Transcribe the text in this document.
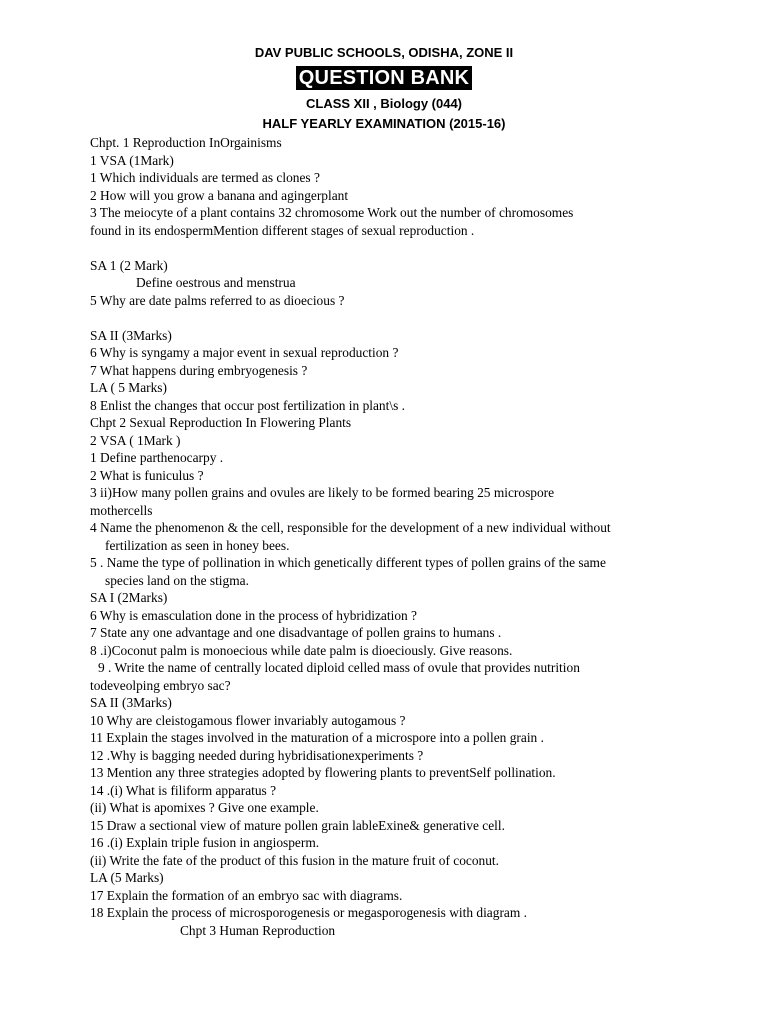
DAV PUBLIC SCHOOLS, ODISHA, ZONE II
QUESTION BANK
CLASS XII , Biology (044)
HALF YEARLY EXAMINATION (2015-16)
Chpt. 1 Reproduction InOrgainisms
1 VSA (1Mark)
1 Which individuals are termed as clones ?
2 How will you grow a banana and agingerplant
3 The meiocyte of a plant contains 32 chromosome Work out the number of chromosomes
found in its endospermMention different stages of sexual reproduction .
SA 1 (2 Mark)
Define oestrous and menstrua
5 Why are date palms referred to as dioecious ?
SA II (3Marks)
6 Why is syngamy a major event in sexual reproduction ?
7 What happens during embryogenesis ?
LA ( 5 Marks)
8 Enlist the changes that occur post fertilization in plant\s .
Chpt 2 Sexual Reproduction In Flowering Plants
2 VSA ( 1Mark )
1 Define parthenocarpy .
2 What is funiculus ?
3 ii)How many pollen grains and ovules are likely to be formed bearing 25 microspore
mothercells
4 Name the phenomenon & the cell, responsible for the development of a new individual without
fertilization as seen in honey bees.
5 . Name the type of pollination in which genetically different types of pollen grains of the same
species land on the stigma.
SA I (2Marks)
6 Why is emasculation done in the process of hybridization ?
7 State any one advantage and one disadvantage of pollen grains to humans .
8 .i)Coconut palm is monoecious while date palm is dioeciously. Give reasons.
9 . Write the name of centrally located diploid celled mass of ovule that provides nutrition
todeveolping embryo sac?
SA II (3Marks)
10 Why are cleistogamous flower invariably autogamous ?
11 Explain the stages involved in the maturation of a microspore into a pollen grain .
12 .Why is bagging needed during hybridisationexperiments ?
13 Mention any three strategies adopted by flowering plants to preventSelf pollination.
14 .(i) What is filiform apparatus ?
(ii) What is apomixes ? Give one example.
15 Draw a sectional view of mature pollen grain lableExine& generative cell.
16 .(i) Explain triple fusion in angiosperm.
(ii) Write the fate of the product of this fusion in the mature fruit of coconut.
LA (5 Marks)
17 Explain the formation of an embryo sac with diagrams.
18 Explain the process of microsporogenesis or megasporogenesis with diagram .
Chpt 3 Human Reproduction
